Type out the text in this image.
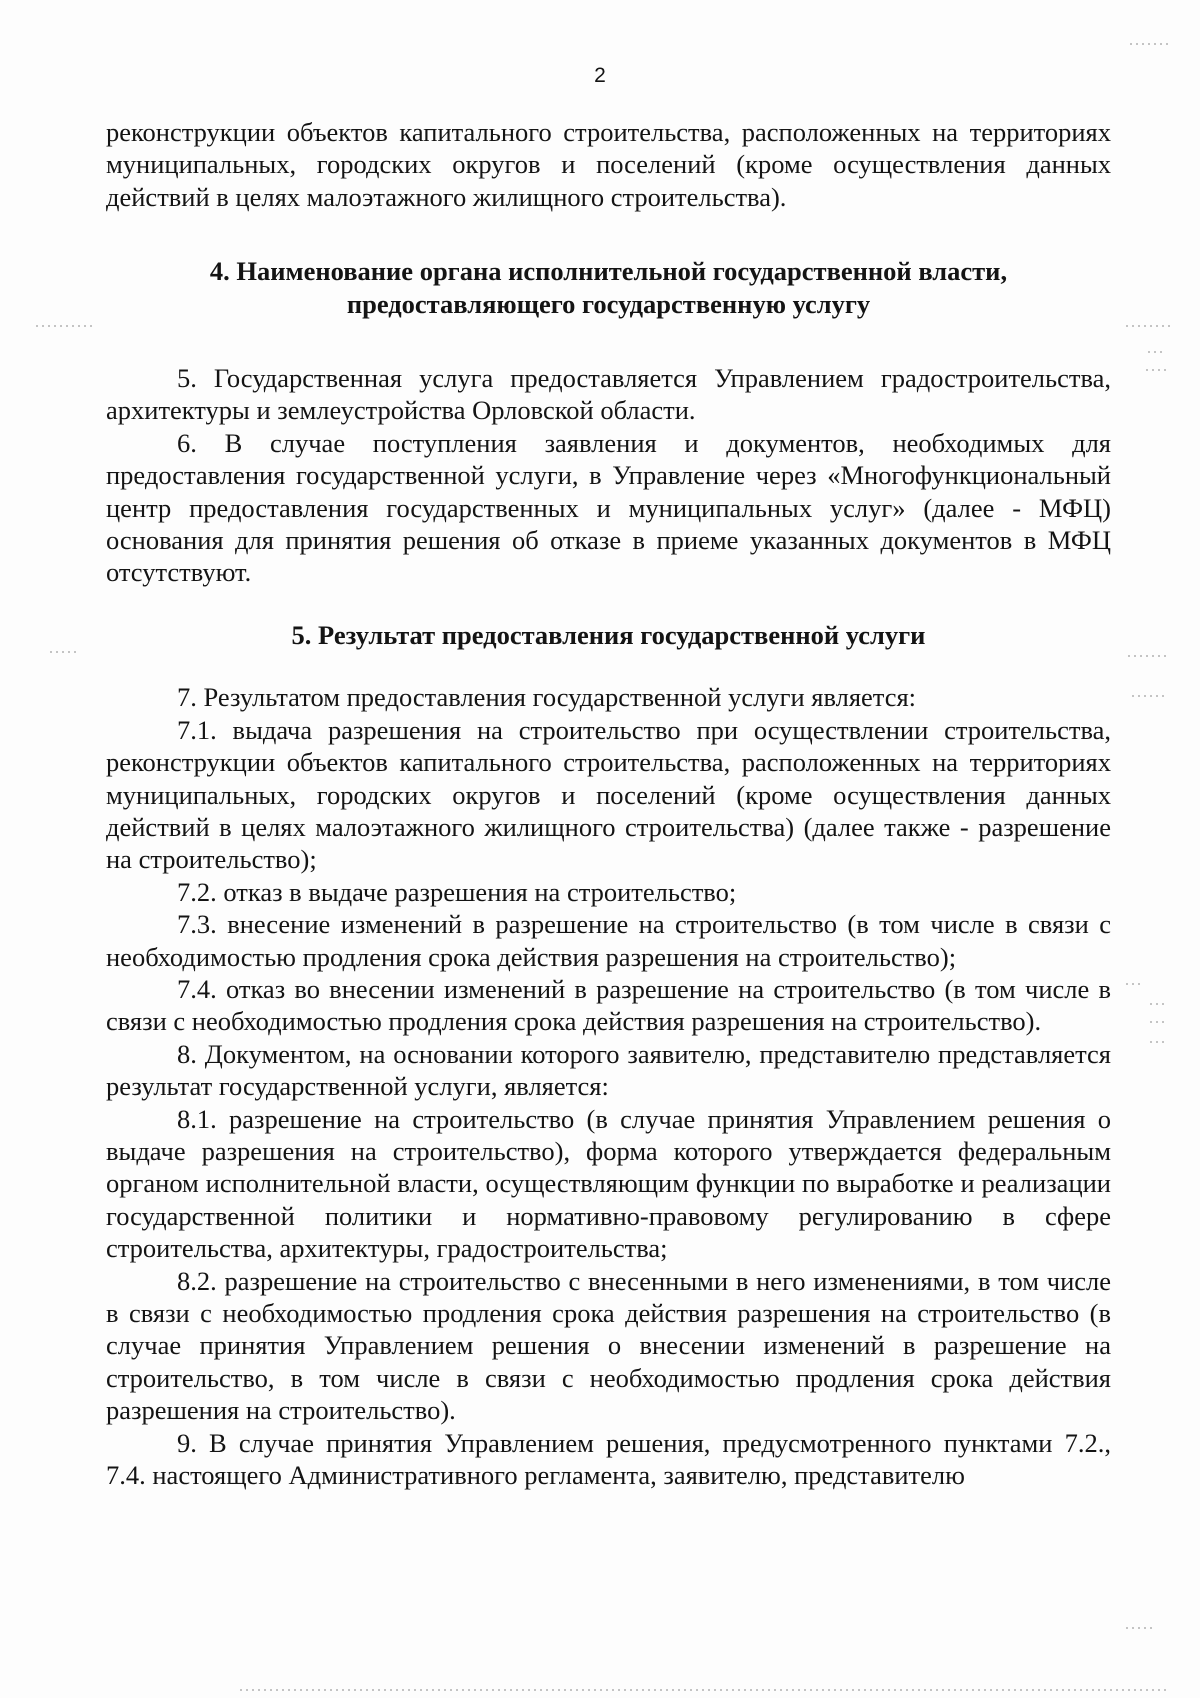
2

реконструкции объектов капитального строительства, расположенных на территориях муниципальных, городских округов и поселений (кроме осуществления данных действий в целях малоэтажного жилищного строительства).

4. Наименование органа исполнительной государственной власти, предоставляющего государственную услугу

5. Государственная услуга предоставляется Управлением градостроительства, архитектуры и землеустройства Орловской области.

6. В случае поступления заявления и документов, необходимых для предоставления государственной услуги, в Управление через «Многофункциональный центр предоставления государственных и муниципальных услуг» (далее - МФЦ) основания для принятия решения об отказе в приеме указанных документов в МФЦ отсутствуют.

5. Результат предоставления государственной услуги

7. Результатом предоставления государственной услуги является:

7.1. выдача разрешения на строительство при осуществлении строительства, реконструкции объектов капитального строительства, расположенных на территориях муниципальных, городских округов и поселений (кроме осуществления данных действий в целях малоэтажного жилищного строительства) (далее также - разрешение на строительство);

7.2. отказ в выдаче разрешения на строительство;

7.3. внесение изменений в разрешение на строительство (в том числе в связи с необходимостью продления срока действия разрешения на строительство);

7.4. отказ во внесении изменений в разрешение на строительство (в том числе в связи с необходимостью продления срока действия разрешения на строительство).

8. Документом, на основании которого заявителю, представителю представляется результат государственной услуги, является:

8.1. разрешение на строительство (в случае принятия Управлением решения о выдаче разрешения на строительство), форма которого утверждается федеральным органом исполнительной власти, осуществляющим функции по выработке и реализации государственной политики и нормативно-правовому регулированию в сфере строительства, архитектуры, градостроительства;

8.2. разрешение на строительство с внесенными в него изменениями, в том числе в связи с необходимостью продления срока действия разрешения на строительство (в случае принятия Управлением решения о внесении изменений в разрешение на строительство, в том числе в связи с необходимостью продления срока действия разрешения на строительство).

9. В случае принятия Управлением решения, предусмотренного пунктами 7.2., 7.4. настоящего Административного регламента, заявителю, представителю
